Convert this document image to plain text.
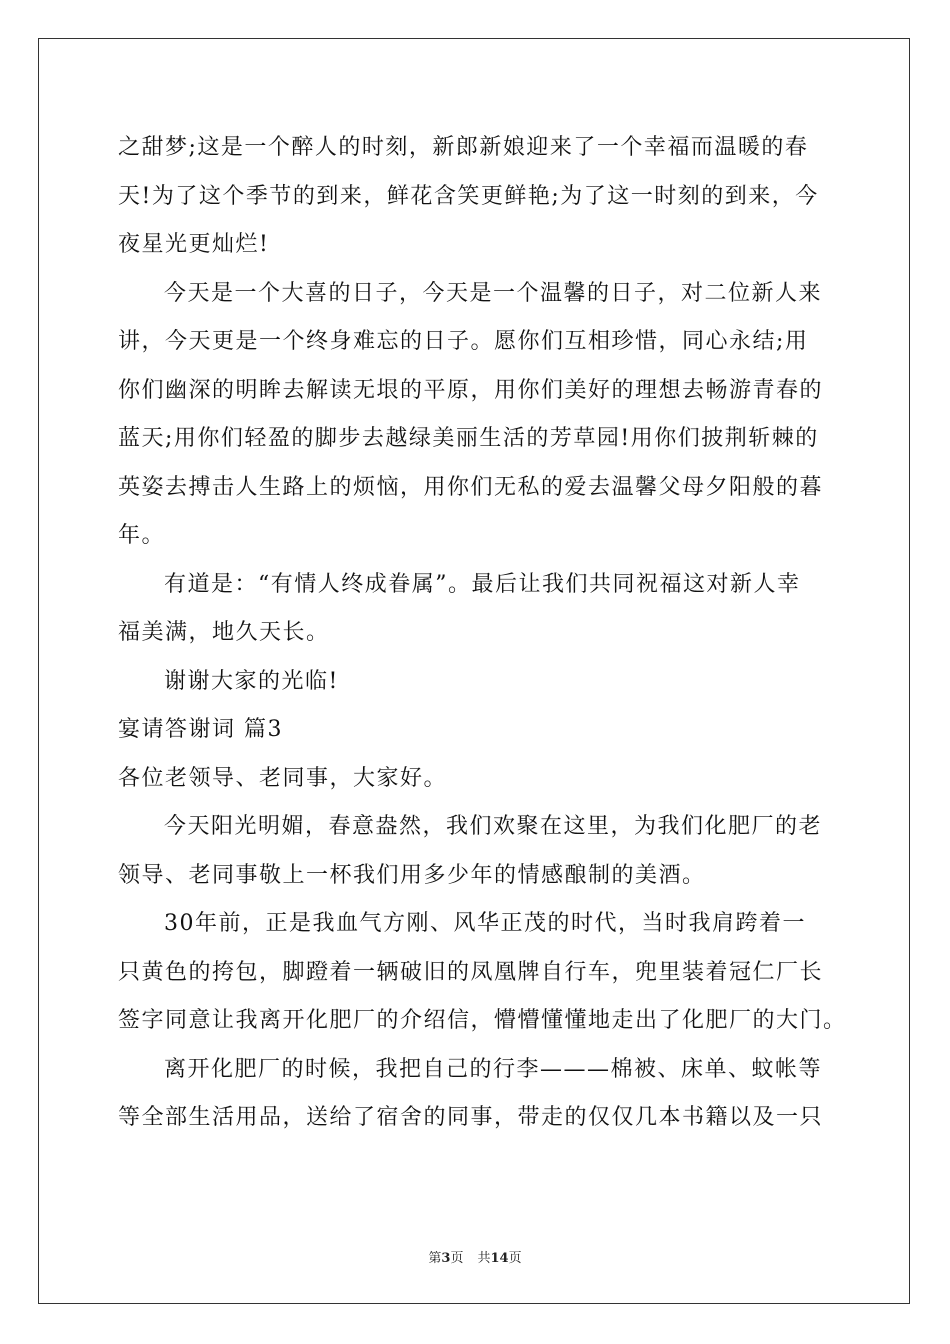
之甜梦;这是一个醉人的时刻，新郎新娘迎来了一个幸福而温暖的春
天!为了这个季节的到来，鲜花含笑更鲜艳;为了这一时刻的到来，今
夜星光更灿烂!
今天是一个大喜的日子，今天是一个温馨的日子，对二位新人来
讲，今天更是一个终身难忘的日子。愿你们互相珍惜，同心永结;用
你们幽深的明眸去解读无垠的平原，用你们美好的理想去畅游青春的
蓝天;用你们轻盈的脚步去越绿美丽生活的芳草园!用你们披荆斩棘的
英姿去搏击人生路上的烦恼，用你们无私的爱去温馨父母夕阳般的暮
年。
有道是：“有情人终成眷属”。最后让我们共同祝福这对新人幸
福美满，地久天长。
谢谢大家的光临!
宴请答谢词 篇3
各位老领导、老同事，大家好。
今天阳光明媚，春意盎然，我们欢聚在这里，为我们化肥厂的老
领导、老同事敬上一杯我们用多少年的情感酿制的美酒。
30年前，正是我血气方刚、风华正茂的时代，当时我肩跨着一
只黄色的挎包，脚蹬着一辆破旧的凤凰牌自行车，兜里装着冠仁厂长
签字同意让我离开化肥厂的介绍信，懵懵懂懂地走出了化肥厂的大门。
离开化肥厂的时候，我把自己的行李———棉被、床单、蚊帐等
等全部生活用品，送给了宿舍的同事，带走的仅仅几本书籍以及一只
第3页 共14页
